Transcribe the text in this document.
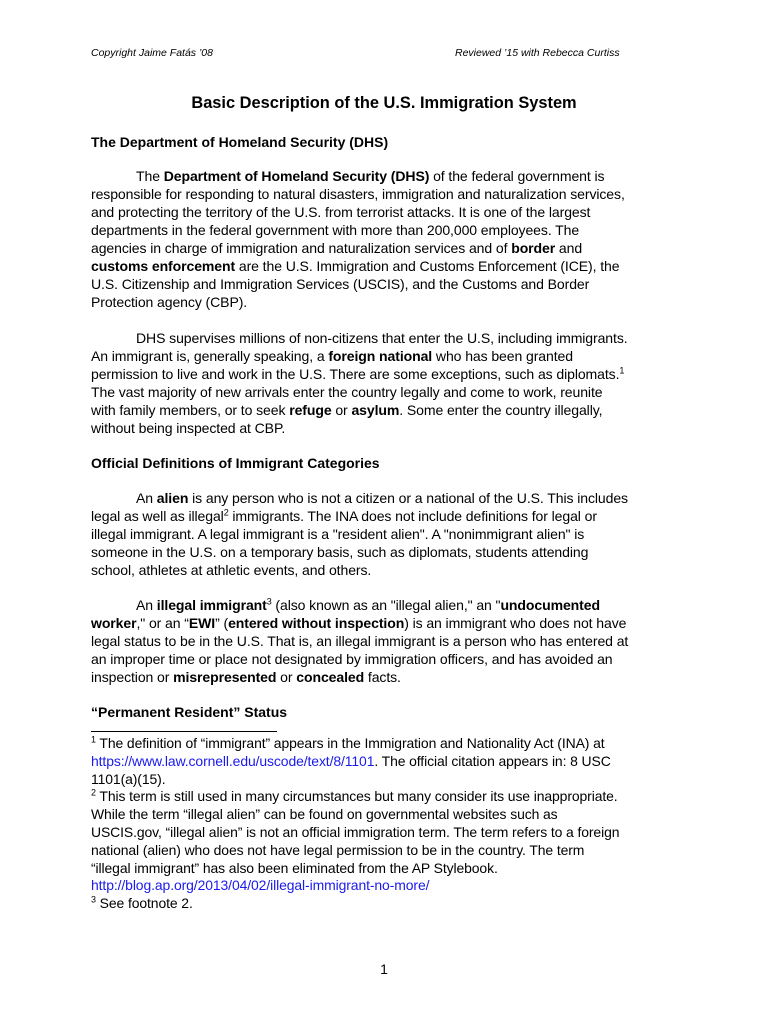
Copyright Jaime Fatás ’08	Reviewed ’15 with Rebecca Curtiss
Basic Description of the U.S. Immigration System
The Department of Homeland Security (DHS)
The Department of Homeland Security (DHS) of the federal government is
responsible for responding to natural disasters, immigration and naturalization services,
and protecting the territory of the U.S. from terrorist attacks. It is one of the largest
departments in the federal government with more than 200,000 employees. The
agencies in charge of immigration and naturalization services and of border and
customs enforcement are the U.S. Immigration and Customs Enforcement (ICE), the
U.S. Citizenship and Immigration Services (USCIS), and the Customs and Border
Protection agency (CBP).
DHS supervises millions of non-citizens that enter the U.S, including immigrants.
An immigrant is, generally speaking, a foreign national who has been granted
permission to live and work in the U.S. There are some exceptions, such as diplomats.$^1$
The vast majority of new arrivals enter the country legally and come to work, reunite
with family members, or to seek refuge or asylum. Some enter the country illegally,
without being inspected at CBP.
Official Definitions of Immigrant Categories
An alien is any person who is not a citizen or a national of the U.S. This includes
legal as well as illegal$^2$ immigrants. The INA does not include definitions for legal or
illegal immigrant. A legal immigrant is a "resident alien". A "nonimmigrant alien" is
someone in the U.S. on a temporary basis, such as diplomats, students attending
school, athletes at athletic events, and others.
An illegal immigrant$^3$ (also known as an "illegal alien," an "undocumented
worker," or an “EWI” (entered without inspection) is an immigrant who does not have
legal status to be in the U.S. That is, an illegal immigrant is a person who has entered at
an improper time or place not designated by immigration officers, and has avoided an
inspection or misrepresented or concealed facts.
“Permanent Resident” Status
$^1$ The definition of “immigrant” appears in the Immigration and Nationality Act (INA) at
https://www.law.cornell.edu/uscode/text/8/1101. The official citation appears in: 8 USC
1101(a)(15).
$^2$ This term is still used in many circumstances but many consider its use inappropriate.
While the term “illegal alien” can be found on governmental websites such as
USCIS.gov, “illegal alien” is not an official immigration term. The term refers to a foreign
national (alien) who does not have legal permission to be in the country. The term
“illegal immigrant” has also been eliminated from the AP Stylebook.
http://blog.ap.org/2013/04/02/illegal-immigrant-no-more/
$^3$ See footnote 2.
1
